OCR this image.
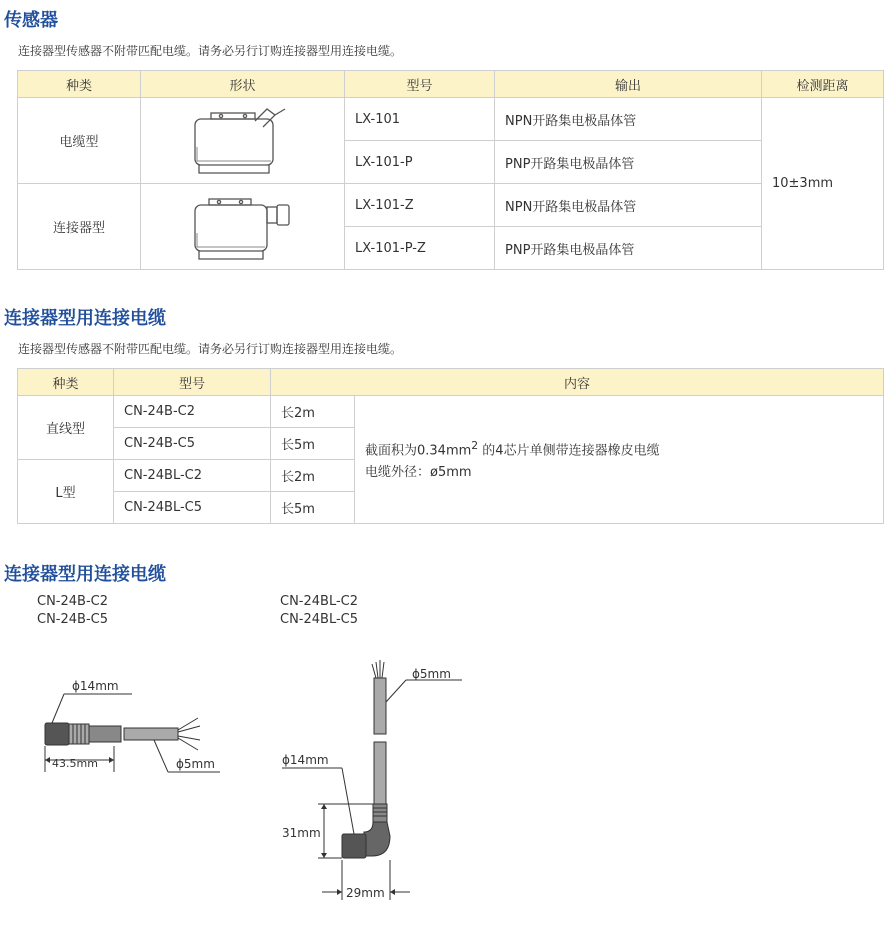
传感器

连接器型传感器不附带匹配电缆。请务必另行订购连接器型用连接电缆。

种类	形状	型号	输出	检测距离
电缆型		LX-101	NPN开路集电极晶体管	10±3mm
		LX-101-P	PNP开路集电极晶体管	
连接器型		LX-101-Z	NPN开路集电极晶体管	
		LX-101-P-Z	PNP开路集电极晶体管	
连接器型用连接电缆

连接器型传感器不附带匹配电缆。请务必另行订购连接器型用连接电缆。

种类	型号	内容	
直线型	CN-24B-C2	长2m	截面积为$0.34mm^2$ 的4芯片单侧带连接器橡皮电缆
电缆外径：ø5mm

	CN-24B-C5	长5m	
L型	CN-24BL-C2	长2m	
	CN-24BL-C5	长5m	
连接器型用连接电缆
CN-24B-C2
CN-24B-C5
CN-24BL-C2
CN-24BL-C5
ϕ14mm
43.5mm	ϕ5mm
ϕ5mm
ϕ14mm
31mm
29mm
